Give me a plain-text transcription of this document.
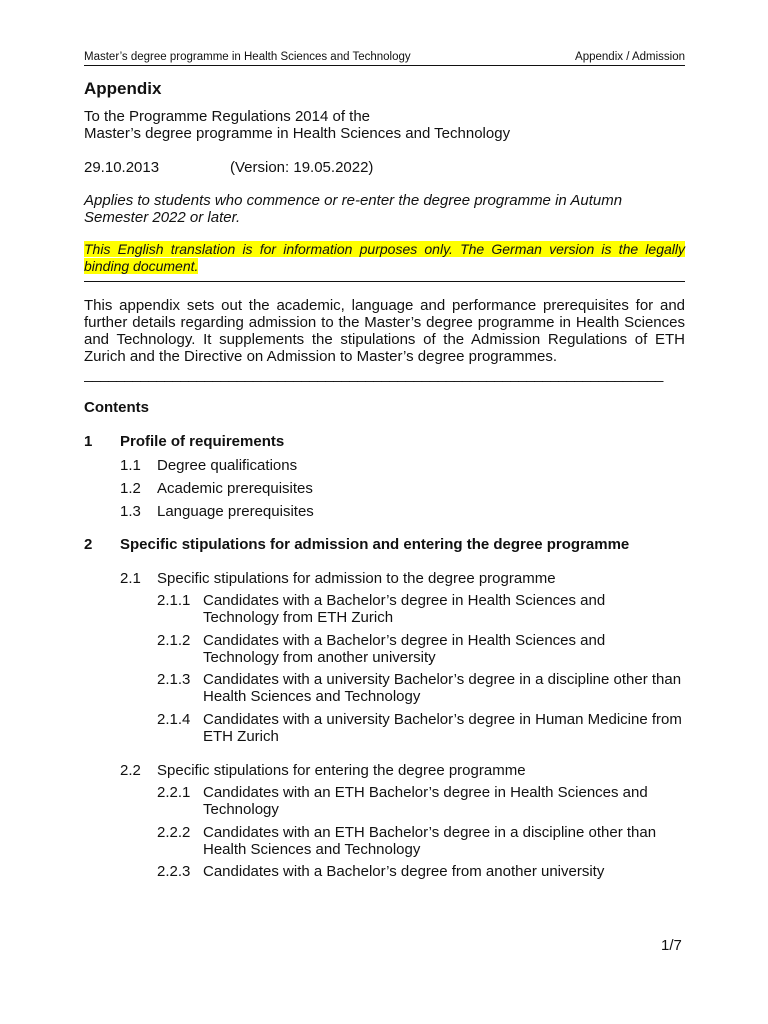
Master’s degree programme in Health Sciences and Technology	Appendix / Admission
Appendix

To the Programme Regulations 2014 of the

Master’s degree programme in Health Sciences and Technology

29.10.2013	(Version: 19.05.2022)

Applies to students who commence or re-enter the degree programme in Autumn Semester 2022 or later.

This English translation is for information purposes only. The German version is the legally binding document.

This appendix sets out the academic, language and performance prerequisites for and further details regarding admission to the Master’s degree programme in Health Sciences and Technology. It supplements the stipulations of the Admission Regulations of ETH Zurich and the Directive on Admission to Master’s degree programmes.

________________________________________________________________________
Contents
1 Profile of requirements
1.1 Degree qualifications
1.2 Academic prerequisites
1.3 Language prerequisites
2 Specific stipulations for admission and entering the degree programme
2.1 Specific stipulations for admission to the degree programme
2.1.1 Candidates with a Bachelor’s degree in Health Sciences and Technology from ETH Zurich
2.1.2 Candidates with a Bachelor’s degree in Health Sciences and Technology from another university
2.1.3 Candidates with a university Bachelor’s degree in a discipline other than Health Sciences and Technology
2.1.4 Candidates with a university Bachelor’s degree in Human Medicine from ETH Zurich
2.2 Specific stipulations for entering the degree programme
2.2.1 Candidates with an ETH Bachelor’s degree in Health Sciences and Technology
2.2.2 Candidates with an ETH Bachelor’s degree in a discipline other than Health Sciences and Technology
2.2.3 Candidates with a Bachelor’s degree from another university
1/7
